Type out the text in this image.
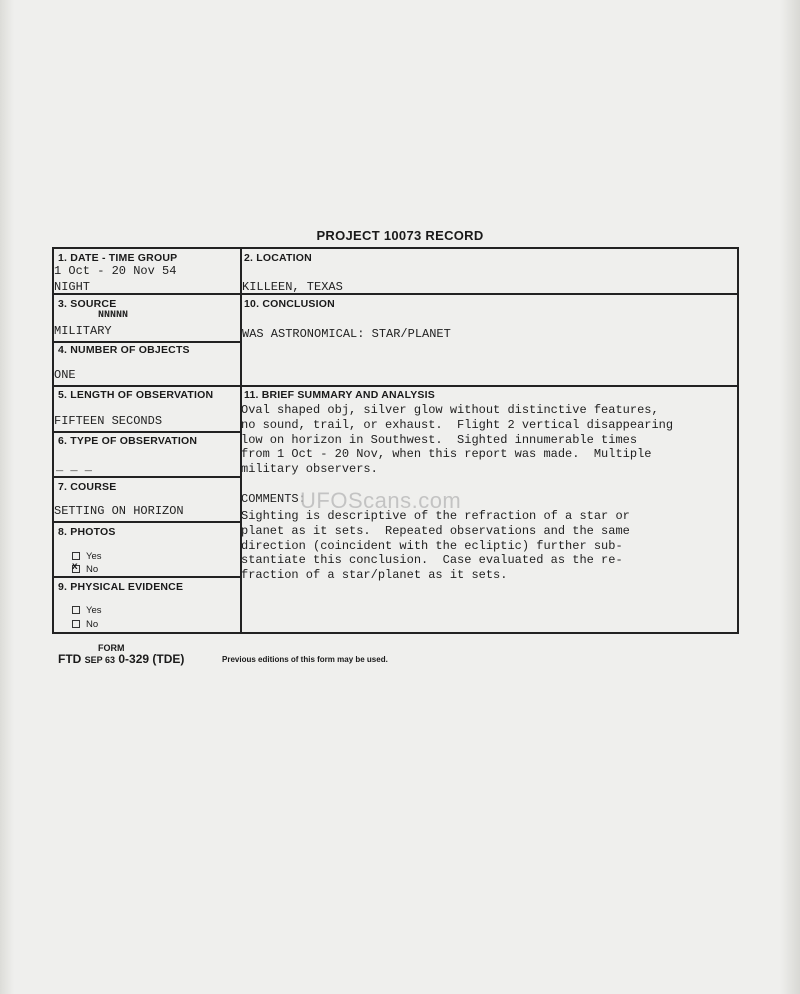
PROJECT 10073 RECORD
1. DATE - TIME GROUP
1 Oct - 20 Nov 54
NIGHT
2. LOCATION
KILLEEN, TEXAS
3. SOURCE
NNNNN
MILITARY
10. CONCLUSION
WAS ASTRONOMICAL: STAR/PLANET
4. NUMBER OF OBJECTS
ONE
5. LENGTH OF OBSERVATION
FIFTEEN SECONDS
11. BRIEF SUMMARY AND ANALYSIS
Oval shaped obj, silver glow without distinctive features,
no sound, trail, or exhaust.  Flight 2 vertical disappearing
low on horizon in Southwest.  Sighted innumerable times
from 1 Oct - 20 Nov, when this report was made.  Multiple
military observers.
COMMENTS:
Sighting is descriptive of the refraction of a star or
planet as it sets.  Repeated observations and the same
direction (coincident with the ecliptic) further sub-
stantiate this conclusion.  Case evaluated as the re-
fraction of a star/planet as it sets.
6. TYPE OF OBSERVATION
_ _ _
7. COURSE
SETTING ON HORIZON
8. PHOTOS
Yes
x No
9. PHYSICAL EVIDENCE
Yes
No
UFOScans.com
FORM
FTD SEP 63 0-329 (TDE)	Previous editions of this form may be used.
